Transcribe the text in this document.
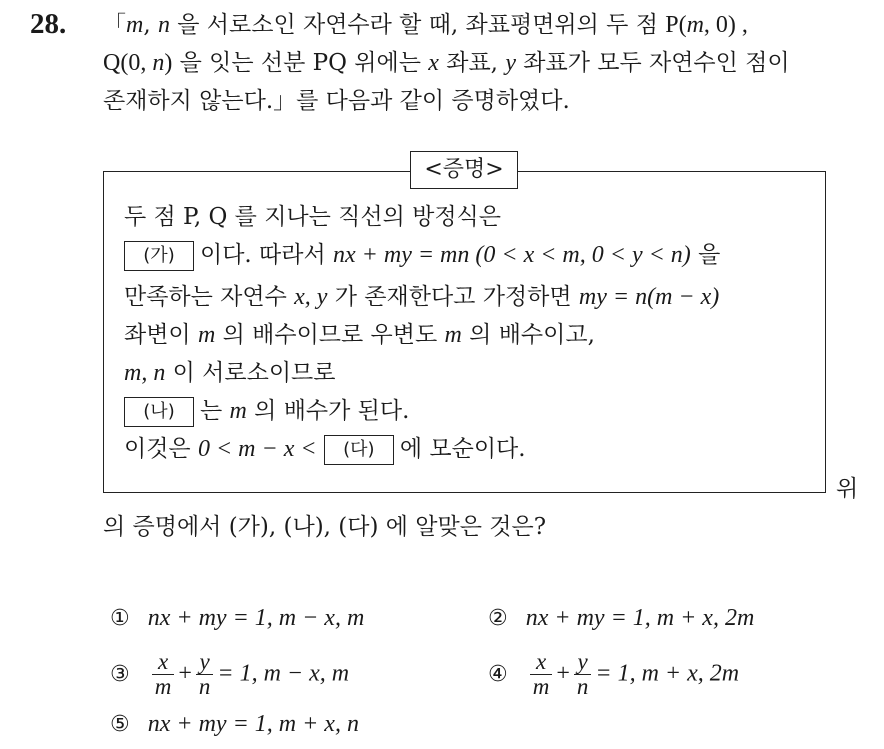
28. 「m, n 을 서로소인 자연수라 할 때, 좌표평면위의 두 점 P(m, 0) ,
Q(0, n) 을 잇는 선분 PQ 위에는 x 좌표, y 좌표가 모두 자연수인 점이
존재하지 않는다.」를 다음과 같이 증명하였다.
<증명>
두 점 P, Q 를 지나는 직선의 방정식은
(가) 이다. 따라서 nx + my = mn (0 < x < m, 0 < y < n) 을
만족하는 자연수 x, y 가 존재한다고 가정하면 my = n(m − x)
좌변이 m 의 배수이므로 우변도 m 의 배수이고,
m, n 이 서로소이므로
(나) 는 m 의 배수가 된다.
이것은 0 < m − x < (다) 에 모순이다.
위
의 증명에서 (가), (나), (다) 에 알맞은 것은?
① nx + my = 1, m − x, m	② nx + my = 1, m + x, 2m
③ $\frac{x}{m} + \frac{y}{n} = 1$, m − x, m	④ $\frac{x}{m} + \frac{y}{n} = 1$, m + x, 2m
⑤ nx + my = 1, m + x, n
